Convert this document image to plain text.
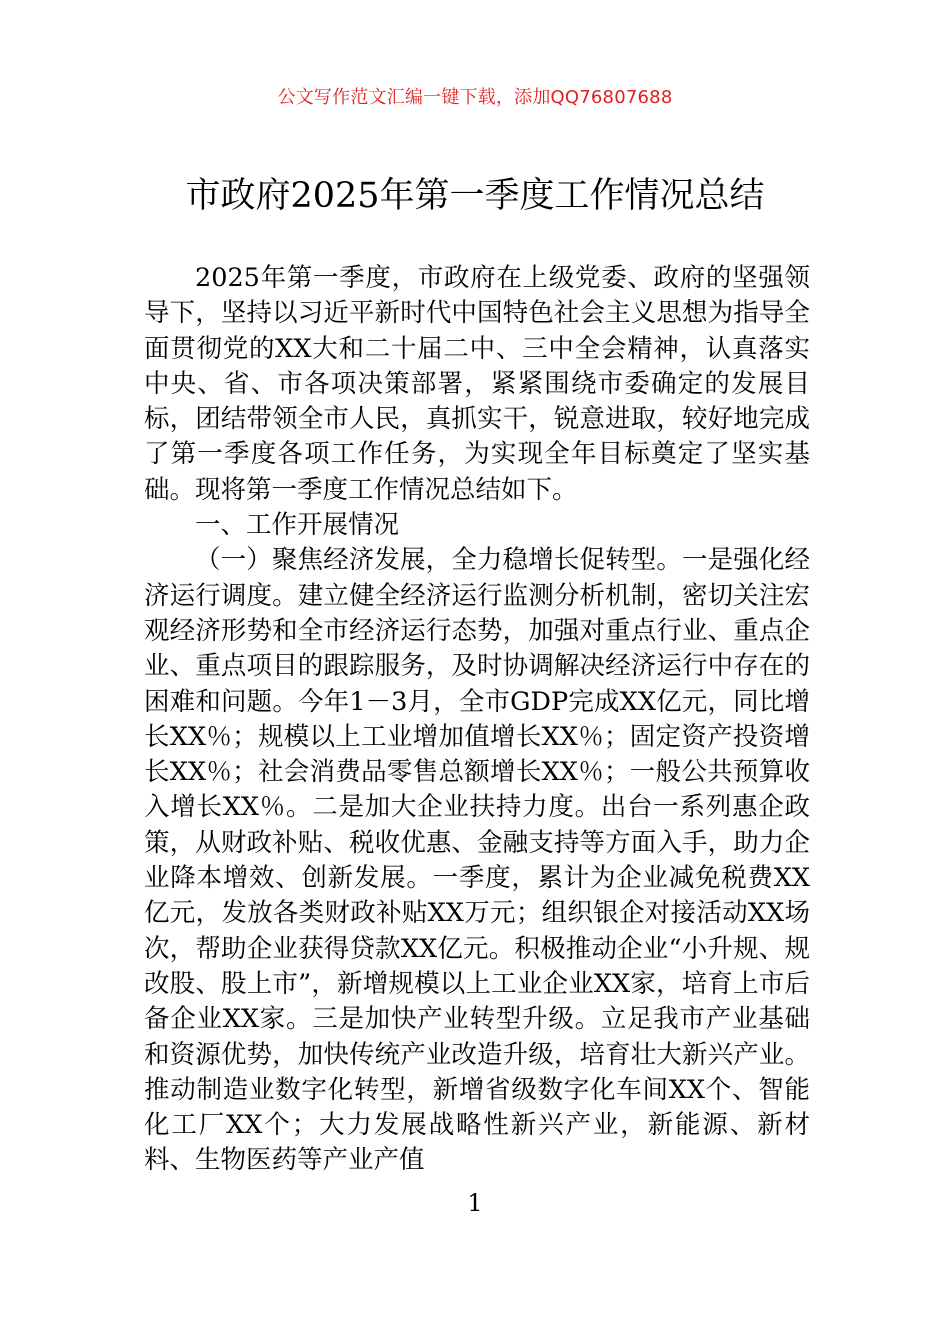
公文写作范文汇编一键下载，添加QQ76807688
市政府2025年第一季度工作情况总结

2025年第一季度，市政府在上级党委、政府的坚强领导下，坚持以习近平新时代中国特色社会主义思想为指导全面贯彻党的XX大和二十届二中、三中全会精神，认真落实中央、省、市各项决策部署，紧紧围绕市委确定的发展目标，团结带领全市人民，真抓实干，锐意进取，较好地完成了第一季度各项工作任务，为实现全年目标奠定了坚实基础。现将第一季度工作情况总结如下。

一、工作开展情况

（一）聚焦经济发展，全力稳增长促转型。一是强化经济运行调度。建立健全经济运行监测分析机制，密切关注宏观经济形势和全市经济运行态势，加强对重点行业、重点企业、重点项目的跟踪服务，及时协调解决经济运行中存在的困难和问题。今年1－3月，全市GDP完成XX亿元，同比增长XX％；规模以上工业增加值增长XX％；固定资产投资增长XX％；社会消费品零售总额增长XX％；一般公共预算收入增长XX％。二是加大企业扶持力度。出台一系列惠企政策，从财政补贴、税收优惠、金融支持等方面入手，助力企业降本增效、创新发展。一季度，累计为企业减免税费XX亿元，发放各类财政补贴XX万元；组织银企对接活动XX场次，帮助企业获得贷款XX亿元。积极推动企业“小升规、规改股、股上市”，新增规模以上工业企业XX家，培育上市后备企业XX家。三是加快产业转型升级。立足我市产业基础和资源优势，加快传统产业改造升级，培育壮大新兴产业。推动制造业数字化转型，新增省级数字化车间XX个、智能化工厂XX个；大力发展战略性新兴产业，新能源、新材料、生物医药等产业产值

1
